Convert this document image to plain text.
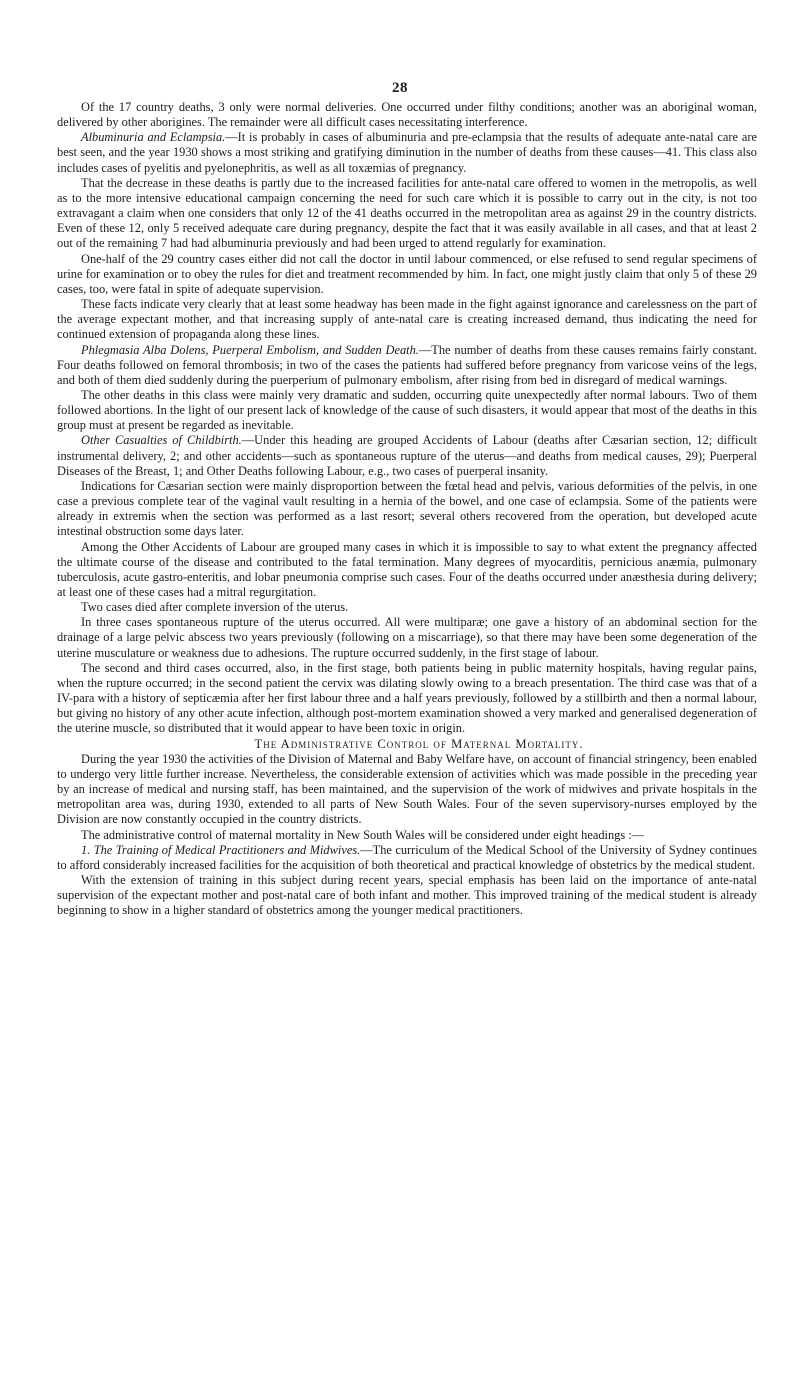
28

Of the 17 country deaths, 3 only were normal deliveries. One occurred under filthy conditions; another was an aboriginal woman, delivered by other aborigines. The remainder were all difficult cases necessitating interference.

Albuminuria and Eclampsia.—It is probably in cases of albuminuria and pre-eclampsia that the results of adequate ante-natal care are best seen, and the year 1930 shows a most striking and gratifying diminution in the number of deaths from these causes—41. This class also includes cases of pyelitis and pyelonephritis, as well as all toxæmias of pregnancy.

That the decrease in these deaths is partly due to the increased facilities for ante-natal care offered to women in the metropolis, as well as to the more intensive educational campaign concerning the need for such care which it is possible to carry out in the city, is not too extravagant a claim when one considers that only 12 of the 41 deaths occurred in the metropolitan area as against 29 in the country districts. Even of these 12, only 5 received adequate care during pregnancy, despite the fact that it was easily available in all cases, and that at least 2 out of the remaining 7 had had albuminuria previously and had been urged to attend regularly for examination.

One-half of the 29 country cases either did not call the doctor in until labour commenced, or else refused to send regular specimens of urine for examination or to obey the rules for diet and treatment recommended by him. In fact, one might justly claim that only 5 of these 29 cases, too, were fatal in spite of adequate supervision.

These facts indicate very clearly that at least some headway has been made in the fight against ignorance and carelessness on the part of the average expectant mother, and that increasing supply of ante-natal care is creating increased demand, thus indicating the need for continued extension of propaganda along these lines.

Phlegmasia Alba Dolens, Puerperal Embolism, and Sudden Death.—The number of deaths from these causes remains fairly constant. Four deaths followed on femoral thrombosis; in two of the cases the patients had suffered before pregnancy from varicose veins of the legs, and both of them died suddenly during the puerperium of pulmonary embolism, after rising from bed in disregard of medical warnings.

The other deaths in this class were mainly very dramatic and sudden, occurring quite unexpectedly after normal labours. Two of them followed abortions. In the light of our present lack of knowledge of the cause of such disasters, it would appear that most of the deaths in this group must at present be regarded as inevitable.

Other Casualties of Childbirth.—Under this heading are grouped Accidents of Labour (deaths after Cæsarian section, 12; difficult instrumental delivery, 2; and other accidents—such as spontaneous rupture of the uterus—and deaths from medical causes, 29); Puerperal Diseases of the Breast, 1; and Other Deaths following Labour, e.g., two cases of puerperal insanity.

Indications for Cæsarian section were mainly disproportion between the fœtal head and pelvis, various deformities of the pelvis, in one case a previous complete tear of the vaginal vault resulting in a hernia of the bowel, and one case of eclampsia. Some of the patients were already in extremis when the section was performed as a last resort; several others recovered from the operation, but developed acute intestinal obstruction some days later.

Among the Other Accidents of Labour are grouped many cases in which it is impossible to say to what extent the pregnancy affected the ultimate course of the disease and contributed to the fatal termination. Many degrees of myocarditis, pernicious anæmia, pulmonary tuberculosis, acute gastro-enteritis, and lobar pneumonia comprise such cases. Four of the deaths occurred under anæsthesia during delivery; at least one of these cases had a mitral regurgitation.

Two cases died after complete inversion of the uterus.

In three cases spontaneous rupture of the uterus occurred. All were multiparæ; one gave a history of an abdominal section for the drainage of a large pelvic abscess two years previously (following on a miscarriage), so that there may have been some degeneration of the uterine musculature or weakness due to adhesions. The rupture occurred suddenly, in the first stage of labour.

The second and third cases occurred, also, in the first stage, both patients being in public maternity hospitals, having regular pains, when the rupture occurred; in the second patient the cervix was dilating slowly owing to a breach presentation. The third case was that of a IV-para with a history of septicæmia after her first labour three and a half years previously, followed by a stillbirth and then a normal labour, but giving no history of any other acute infection, although post-mortem examination showed a very marked and generalised degeneration of the uterine muscle, so distributed that it would appear to have been toxic in origin.

The Administrative Control of Maternal Mortality.

During the year 1930 the activities of the Division of Maternal and Baby Welfare have, on account of financial stringency, been enabled to undergo very little further increase. Nevertheless, the considerable extension of activities which was made possible in the preceding year by an increase of medical and nursing staff, has been maintained, and the supervision of the work of midwives and private hospitals in the metropolitan area was, during 1930, extended to all parts of New South Wales. Four of the seven supervisory-nurses employed by the Division are now constantly occupied in the country districts.

The administrative control of maternal mortality in New South Wales will be considered under eight headings :—

1. The Training of Medical Practitioners and Midwives.—The curriculum of the Medical School of the University of Sydney continues to afford considerably increased facilities for the acquisition of both theoretical and practical knowledge of obstetrics by the medical student.

With the extension of training in this subject during recent years, special emphasis has been laid on the importance of ante-natal supervision of the expectant mother and post-natal care of both infant and mother. This improved training of the medical student is already beginning to show in a higher standard of obstetrics among the younger medical practitioners.
